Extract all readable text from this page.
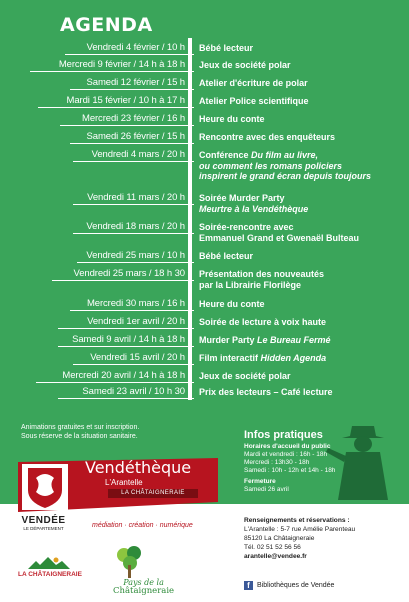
AGENDA
Vendredi 4 février / 10 h Bébé lecteur
Mercredi 9 février / 14 h à 18 h Jeux de société polar
Samedi 12 février / 15 h Atelier d'écriture de polar
Mardi 15 février / 10 h à 17 h Atelier Police scientifique
Mercredi 23 février / 16 h Heure du conte
Samedi 26 février / 15 h Rencontre avec des enquêteurs
Vendredi 4 mars / 20 h Conférence Du film au livre,
ou comment les romans policiers
inspirent le grand écran depuis toujours
Vendredi 11 mars / 20 h Soirée Murder Party
Meurtre à la Vendéthèque
Vendredi 18 mars / 20 h Soirée-rencontre avec
Emmanuel Grand et Gwenaël Bulteau
Vendredi 25 mars / 10 h Bébé lecteur
Vendredi 25 mars / 18 h 30 Présentation des nouveautés
par la Librairie Florilège
Mercredi 30 mars / 16 h Heure du conte
Vendredi 1er avril / 20 h Soirée de lecture à voix haute
Samedi 9 avril / 14 h à 18 h Murder Party Le Bureau Fermé
Vendredi 15 avril / 20 h Film interactif Hidden Agenda
Mercredi 20 avril / 14 h à 18 h Jeux de société polar
Samedi 23 avril / 10 h 30 Prix des lecteurs – Café lecture
Animations gratuites et sur inscription.
Sous réserve de la situation sanitaire.	Infos pratiques
Horaires d'accueil du public
Mardi et vendredi : 16h - 18h
Mercredi : 13h30 - 18h
Samedi : 10h - 12h et 14h - 18h
Fermeture
Samedi 26 avril
Vendéthèque
L'Arantelle
LA CHÂTAIGNERAIE
VENDÉE
LE DÉPARTEMENT	médiation · création · numérique
LA CHÂTAIGNERAIE
Pays de la
Châtaigneraie
Renseignements et réservations :
L'Arantelle : 5-7 rue Amélie Parenteau
85120 La Châtaigneraie
Tél. 02 51 52 56 56
arantelle@vendee.fr
f	Bibliothèques de Vendée
